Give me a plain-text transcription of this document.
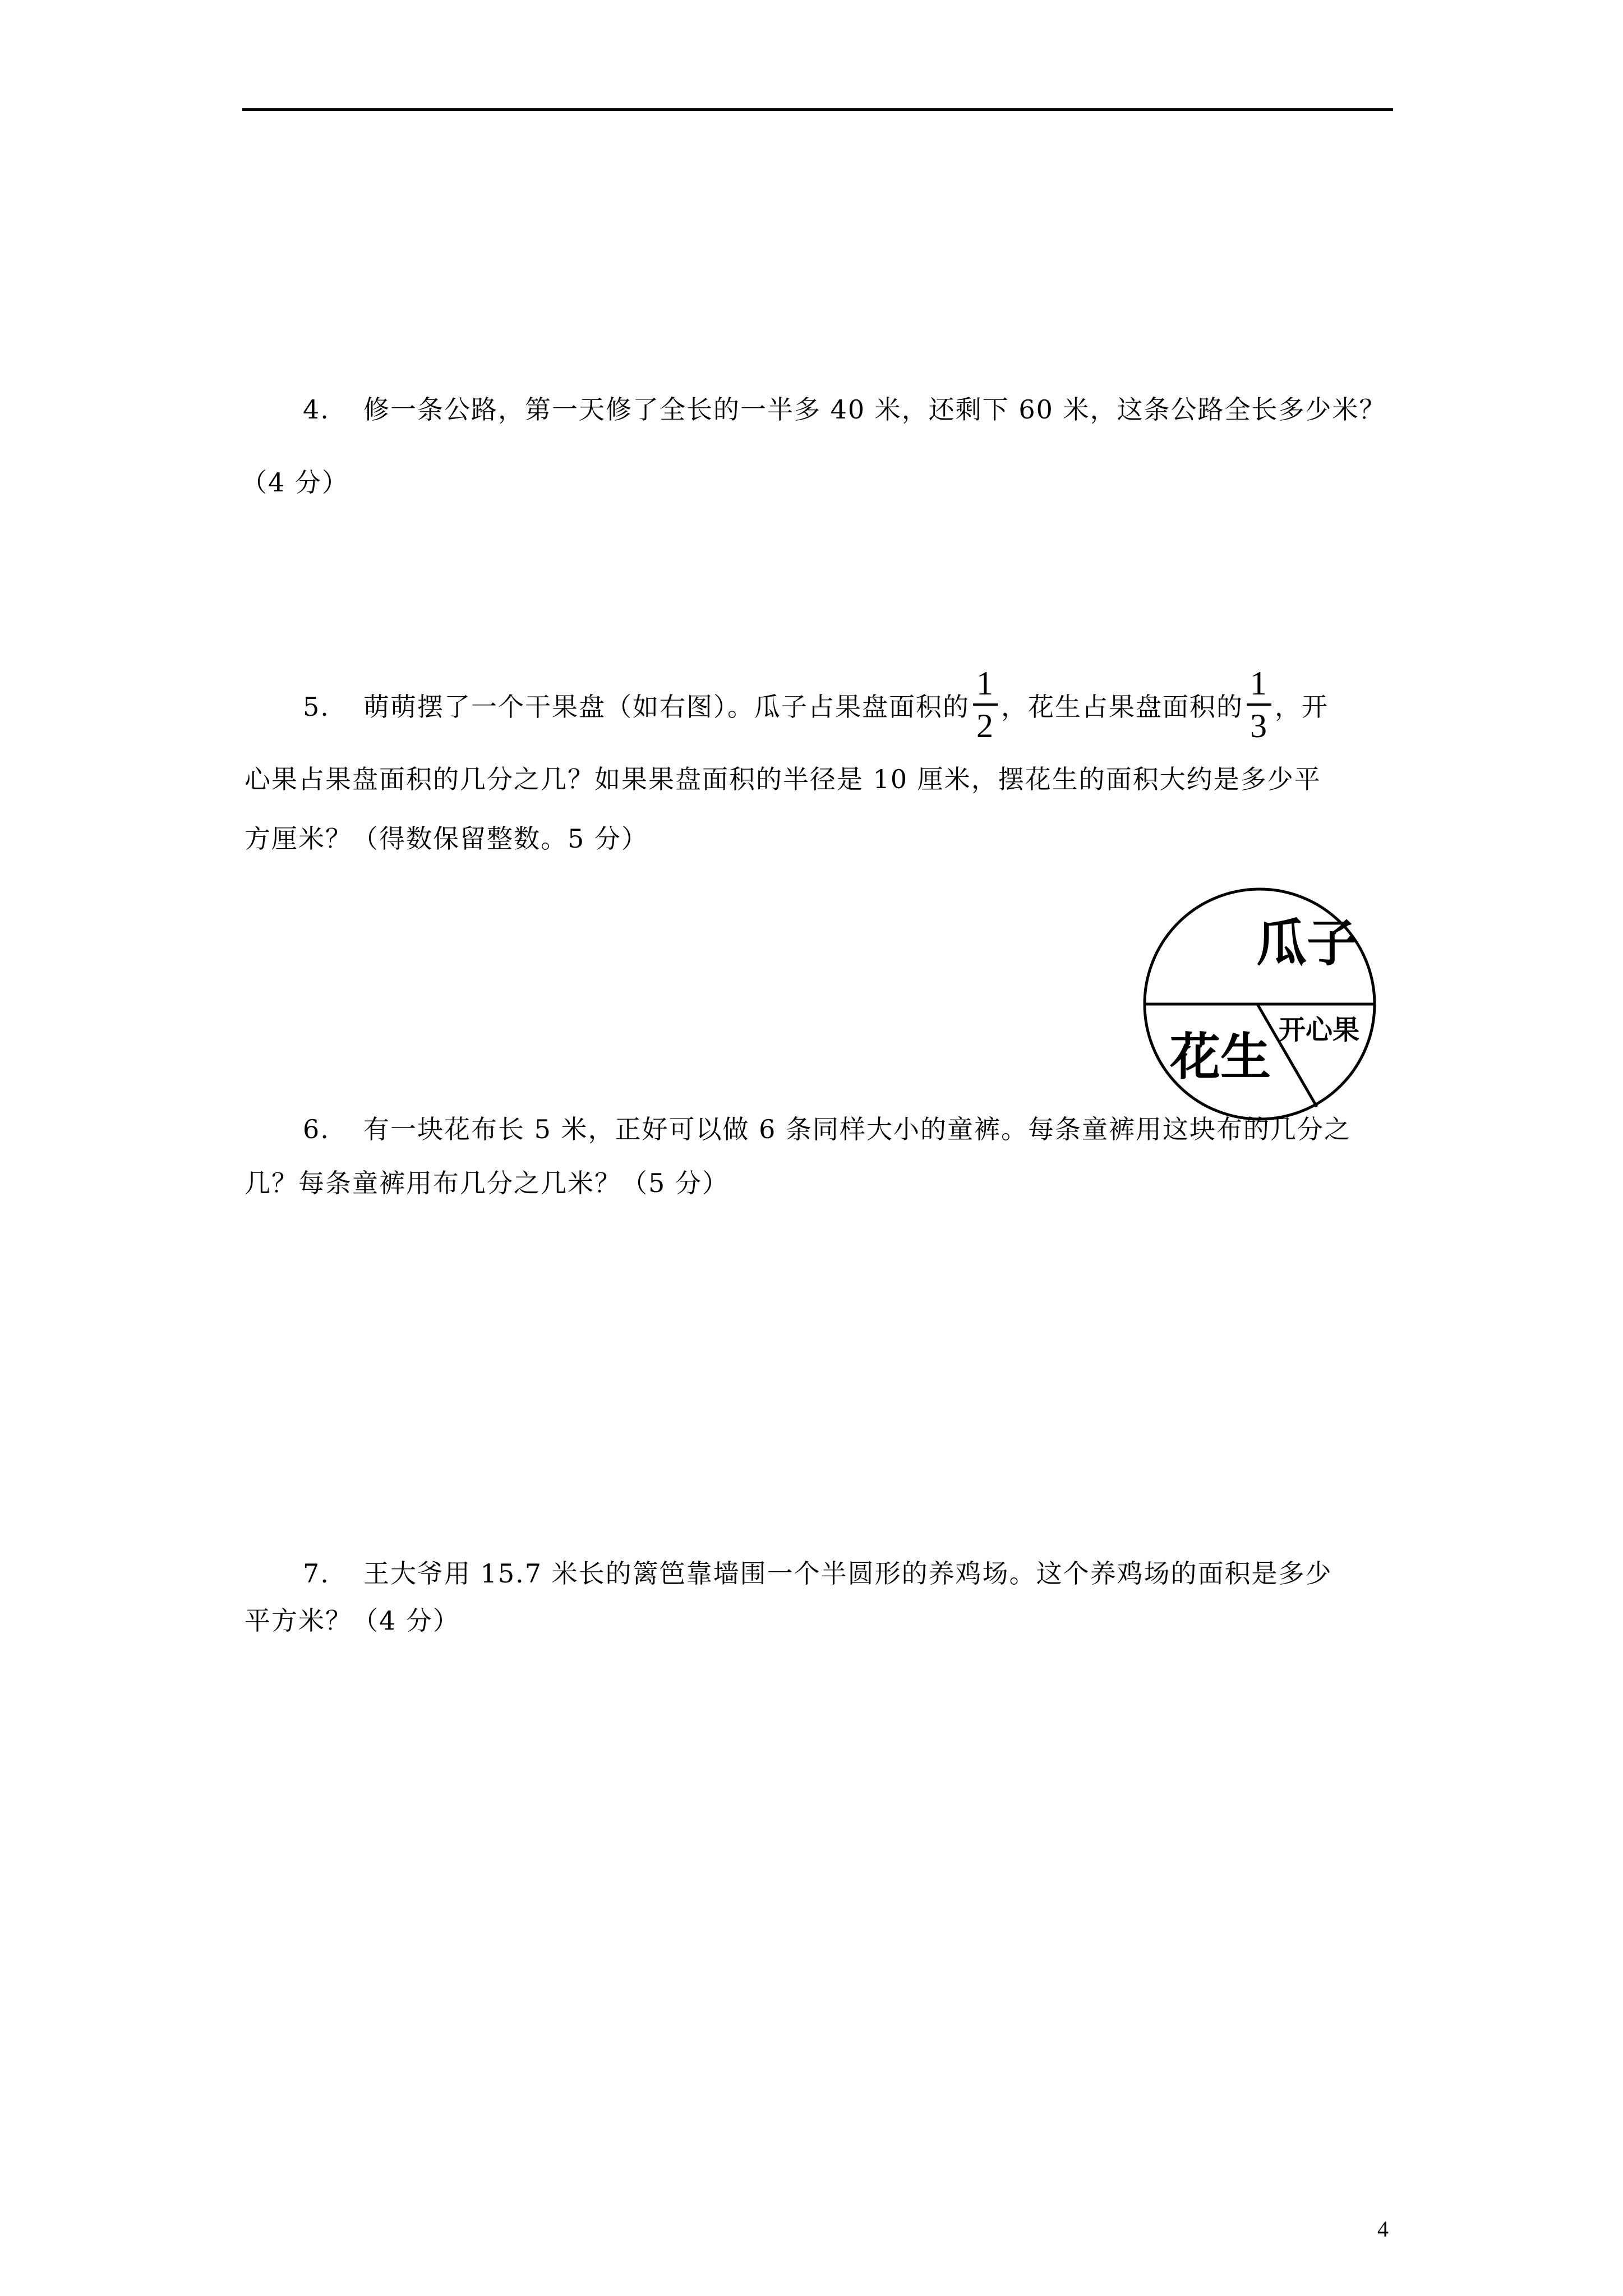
4. 修一条公路，第一天修了全长的一半多 40 米，还剩下 60 米，这条公路全长多少米？
（4 分）
5. 萌萌摆了一个干果盘（如右图）。瓜子占果盘面积的 $\frac{1}{2}$ ，花生占果盘面积的 $\frac{1}{3}$ ，开
心果占果盘面积的几分之几？如果果盘面积的半径是 10 厘米，摆花生的面积大约是多少平
方厘米？（得数保留整数。5 分）
瓜子
花生 开心果
6. 有一块花布长 5 米，正好可以做 6 条同样大小的童裤。每条童裤用这块布的几分之
几？每条童裤用布几分之几米？（5 分）
7. 王大爷用 15.7 米长的篱笆靠墙围一个半圆形的养鸡场。这个养鸡场的面积是多少
平方米？（4 分）
4
